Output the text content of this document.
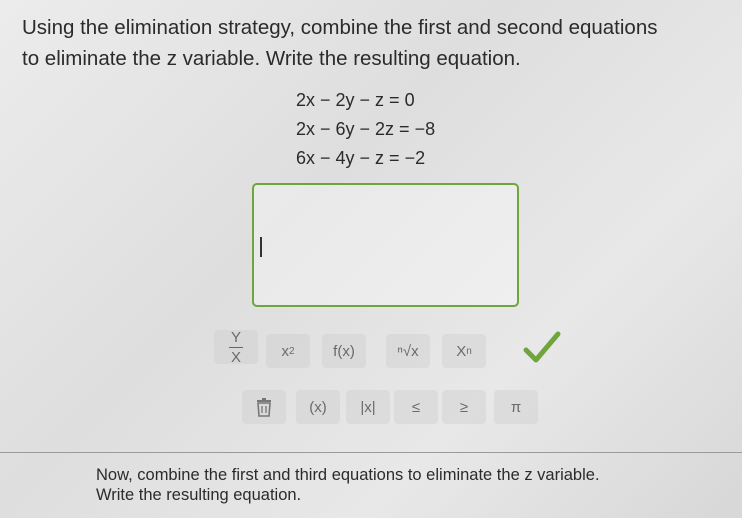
Using the elimination strategy, combine the first and second equations
to eliminate the z variable. Write the resulting equation.
2x − 2y − z = 0
2x − 6y − 2z = −8
6x − 4y − z = −2
$\frac{Y}{X}$	x 2	f(x)	ⁿ√x	X n
(x) |x| ≤	≥	π
Now, combine the first and third equations to eliminate the z variable.
Write the resulting equation.
